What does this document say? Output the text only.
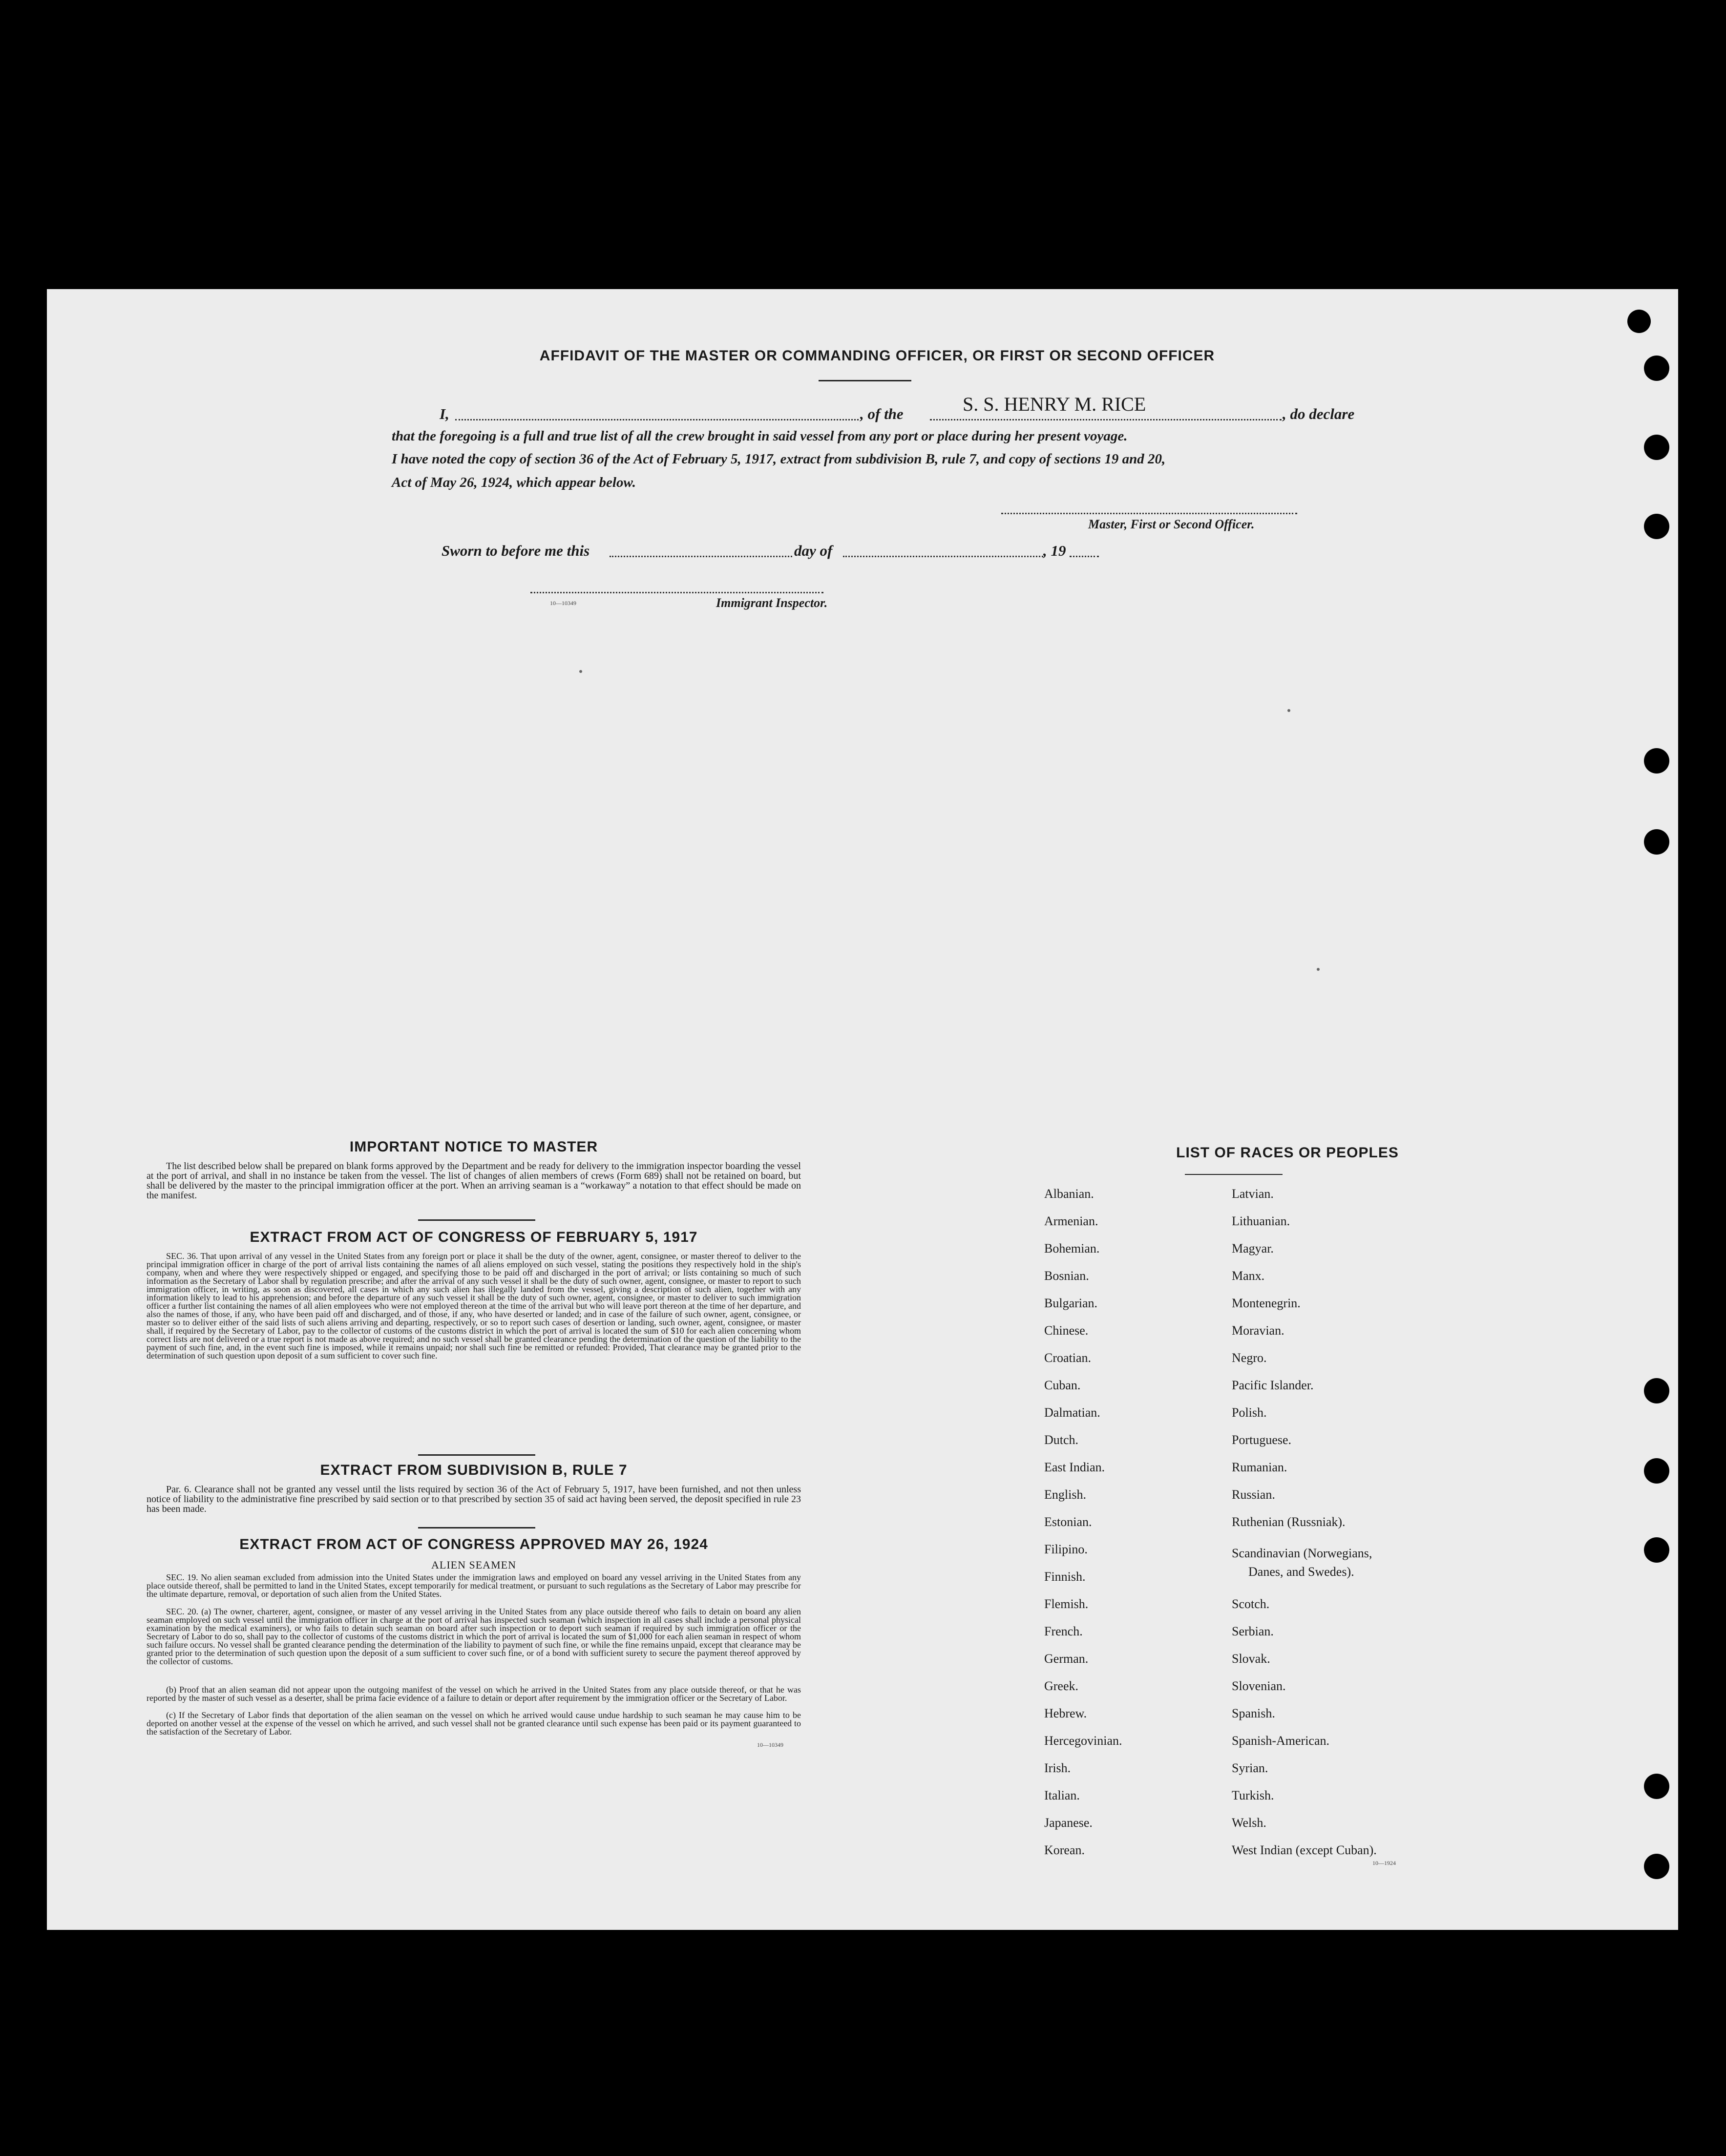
AFFIDAVIT OF THE MASTER OR COMMANDING OFFICER, OR FIRST OR SECOND OFFICER
I,	, of the	S. S. HENRY M. RICE	, do declare
that the foregoing is a full and true list of all the crew brought in said vessel from any port or place during her present voyage.
I have noted the copy of section 36 of the Act of February 5, 1917, extract from subdivision B, rule 7, and copy of sections 19 and 20,
Act of May 26, 1924, which appear below.
Master, First or Second Officer.
Sworn to before me this	day of	, 19
10—10349	Immigrant Inspector.
IMPORTANT NOTICE TO MASTER
The list described below shall be prepared on blank forms approved by the Department and be ready for delivery to the immigration inspector boarding the vessel at the port of arrival, and shall in no instance be taken from the vessel. The list of changes of alien members of crews (Form 689) shall not be retained on board, but shall be delivered by the master to the principal immigration officer at the port. When an arriving seaman is a “workaway” a notation to that effect should be made on the manifest.
EXTRACT FROM ACT OF CONGRESS OF FEBRUARY 5, 1917
SEC. 36. That upon arrival of any vessel in the United States from any foreign port or place it shall be the duty of the owner, agent, consignee, or master thereof to deliver to the principal immigration officer in charge of the port of arrival lists containing the names of all aliens employed on such vessel, stating the positions they respectively hold in the ship's company, when and where they were respectively shipped or engaged, and specifying those to be paid off and discharged in the port of arrival; or lists containing so much of such information as the Secretary of Labor shall by regulation prescribe; and after the arrival of any such vessel it shall be the duty of such owner, agent, consignee, or master to report to such immigration officer, in writing, as soon as discovered, all cases in which any such alien has illegally landed from the vessel, giving a description of such alien, together with any information likely to lead to his apprehension; and before the departure of any such vessel it shall be the duty of such owner, agent, consignee, or master to deliver to such immigration officer a further list containing the names of all alien employees who were not employed thereon at the time of the arrival but who will leave port thereon at the time of her departure, and also the names of those, if any, who have been paid off and discharged, and of those, if any, who have deserted or landed; and in case of the failure of such owner, agent, consignee, or master so to deliver either of the said lists of such aliens arriving and departing, respectively, or so to report such cases of desertion or landing, such owner, agent, consignee, or master shall, if required by the Secretary of Labor, pay to the collector of customs of the customs district in which the port of arrival is located the sum of $10 for each alien concerning whom correct lists are not delivered or a true report is not made as above required; and no such vessel shall be granted clearance pending the determination of the question of the liability to the payment of such fine, and, in the event such fine is imposed, while it remains unpaid; nor shall such fine be remitted or refunded: Provided, That clearance may be granted prior to the determination of such question upon deposit of a sum sufficient to cover such fine.
EXTRACT FROM SUBDIVISION B, RULE 7
Par. 6. Clearance shall not be granted any vessel until the lists required by section 36 of the Act of February 5, 1917, have been furnished, and not then unless notice of liability to the administrative fine prescribed by said section or to that prescribed by section 35 of said act having been served, the deposit specified in rule 23 has been made.
EXTRACT FROM ACT OF CONGRESS APPROVED MAY 26, 1924
ALIEN SEAMEN
SEC. 19. No alien seaman excluded from admission into the United States under the immigration laws and employed on board any vessel arriving in the United States from any place outside thereof, shall be permitted to land in the United States, except temporarily for medical treatment, or pursuant to such regulations as the Secretary of Labor may prescribe for the ultimate departure, removal, or deportation of such alien from the United States.
SEC. 20. (a) The owner, charterer, agent, consignee, or master of any vessel arriving in the United States from any place outside thereof who fails to detain on board any alien seaman employed on such vessel until the immigration officer in charge at the port of arrival has inspected such seaman (which inspection in all cases shall include a personal physical examination by the medical examiners), or who fails to detain such seaman on board after such inspection or to deport such seaman if required by such immigration officer or the Secretary of Labor to do so, shall pay to the collector of customs of the customs district in which the port of arrival is located the sum of $1,000 for each alien seaman in respect of whom such failure occurs. No vessel shall be granted clearance pending the determination of the liability to payment of such fine, or while the fine remains unpaid, except that clearance may be granted prior to the determination of such question upon the deposit of a sum sufficient to cover such fine, or of a bond with sufficient surety to secure the payment thereof approved by the collector of customs.
(b) Proof that an alien seaman did not appear upon the outgoing manifest of the vessel on which he arrived in the United States from any place outside thereof, or that he was reported by the master of such vessel as a deserter, shall be prima facie evidence of a failure to detain or deport after requirement by the immigration officer or the Secretary of Labor.
(c) If the Secretary of Labor finds that deportation of the alien seaman on the vessel on which he arrived would cause undue hardship to such seaman he may cause him to be deported on another vessel at the expense of the vessel on which he arrived, and such vessel shall not be granted clearance until such expense has been paid or its payment guaranteed to the satisfaction of the Secretary of Labor.
10—10349
LIST OF RACES OR PEOPLES
Albanian.
Armenian.
Bohemian.
Bosnian.
Bulgarian.
Chinese.
Croatian.
Cuban.
Dalmatian.
Dutch.
East Indian.
English.
Estonian.
Filipino.
Finnish.
Flemish.
French.
German.
Greek.
Hebrew.
Hercegovinian.
Irish.
Italian.
Japanese.
Korean.
Latvian.
Lithuanian.
Magyar.
Manx.
Montenegrin.
Moravian.
Negro.
Pacific Islander.
Polish.
Portuguese.
Rumanian.
Russian.
Ruthenian (Russniak).
Scandinavian (Norwegians,
Danes, and Swedes).
Scotch.
Serbian.
Slovak.
Slovenian.
Spanish.
Spanish-American.
Syrian.
Turkish.
Welsh.
West Indian (except Cuban).
10—1924
